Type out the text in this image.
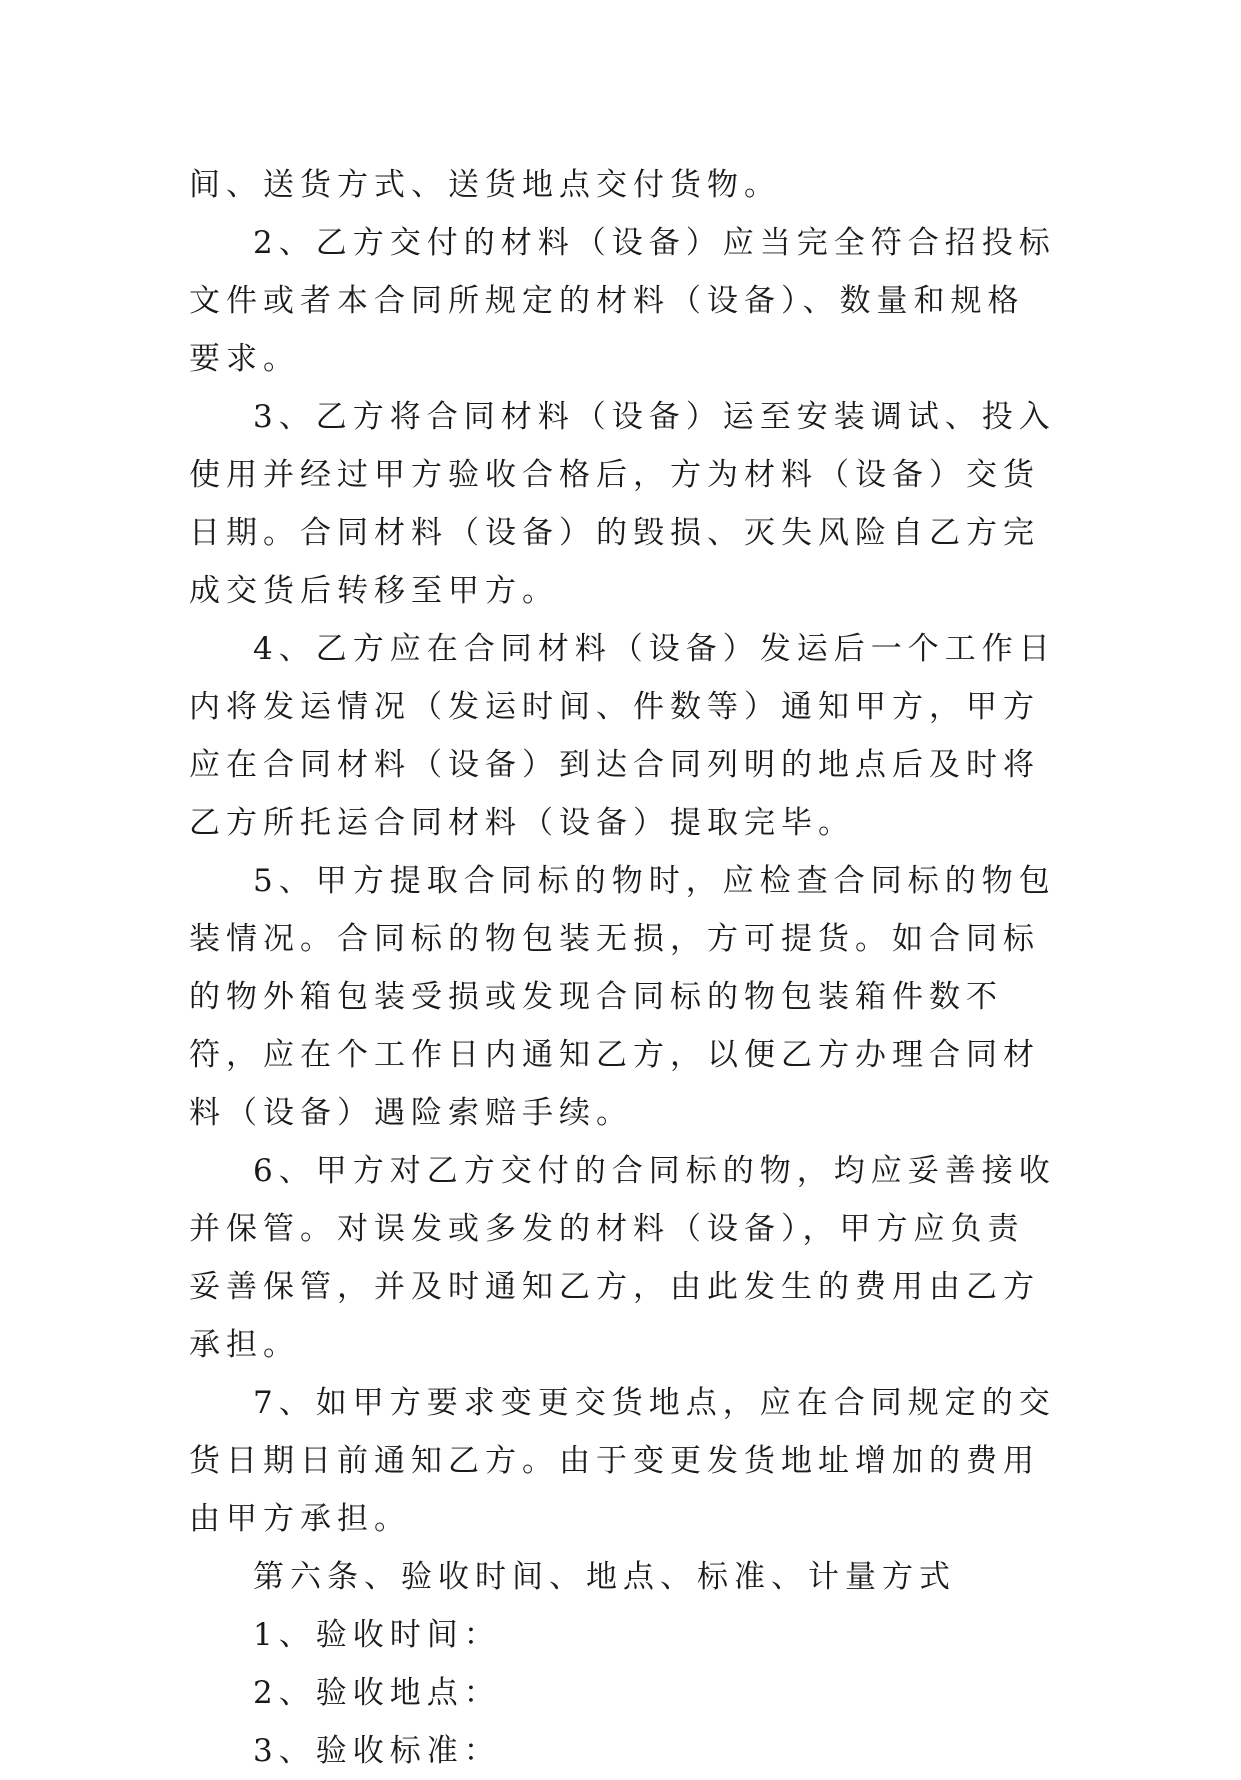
间、送货方式、送货地点交付货物。

2、乙方交付的材料（设备）应当完全符合招投标文件或者本合同所规定的材料（设备）、数量和规格要求。

3、乙方将合同材料（设备）运至安装调试、投入使用并经过甲方验收合格后，方为材料（设备）交货日期。合同材料（设备）的毁损、灭失风险自乙方完成交货后转移至甲方。

4、乙方应在合同材料（设备）发运后一个工作日内将发运情况（发运时间、件数等）通知甲方，甲方应在合同材料（设备）到达合同列明的地点后及时将乙方所托运合同材料（设备）提取完毕。

5、甲方提取合同标的物时，应检查合同标的物包装情况。合同标的物包装无损，方可提货。如合同标的物外箱包装受损或发现合同标的物包装箱件数不符，应在个工作日内通知乙方，以便乙方办理合同材料（设备）遇险索赔手续。

6、甲方对乙方交付的合同标的物，均应妥善接收并保管。对误发或多发的材料（设备），甲方应负责妥善保管，并及时通知乙方，由此发生的费用由乙方承担。

7、如甲方要求变更交货地点，应在合同规定的交货日期日前通知乙方。由于变更发货地址增加的费用由甲方承担。

第六条、验收时间、地点、标准、计量方式

1、验收时间：

2、验收地点：

3、验收标准：
